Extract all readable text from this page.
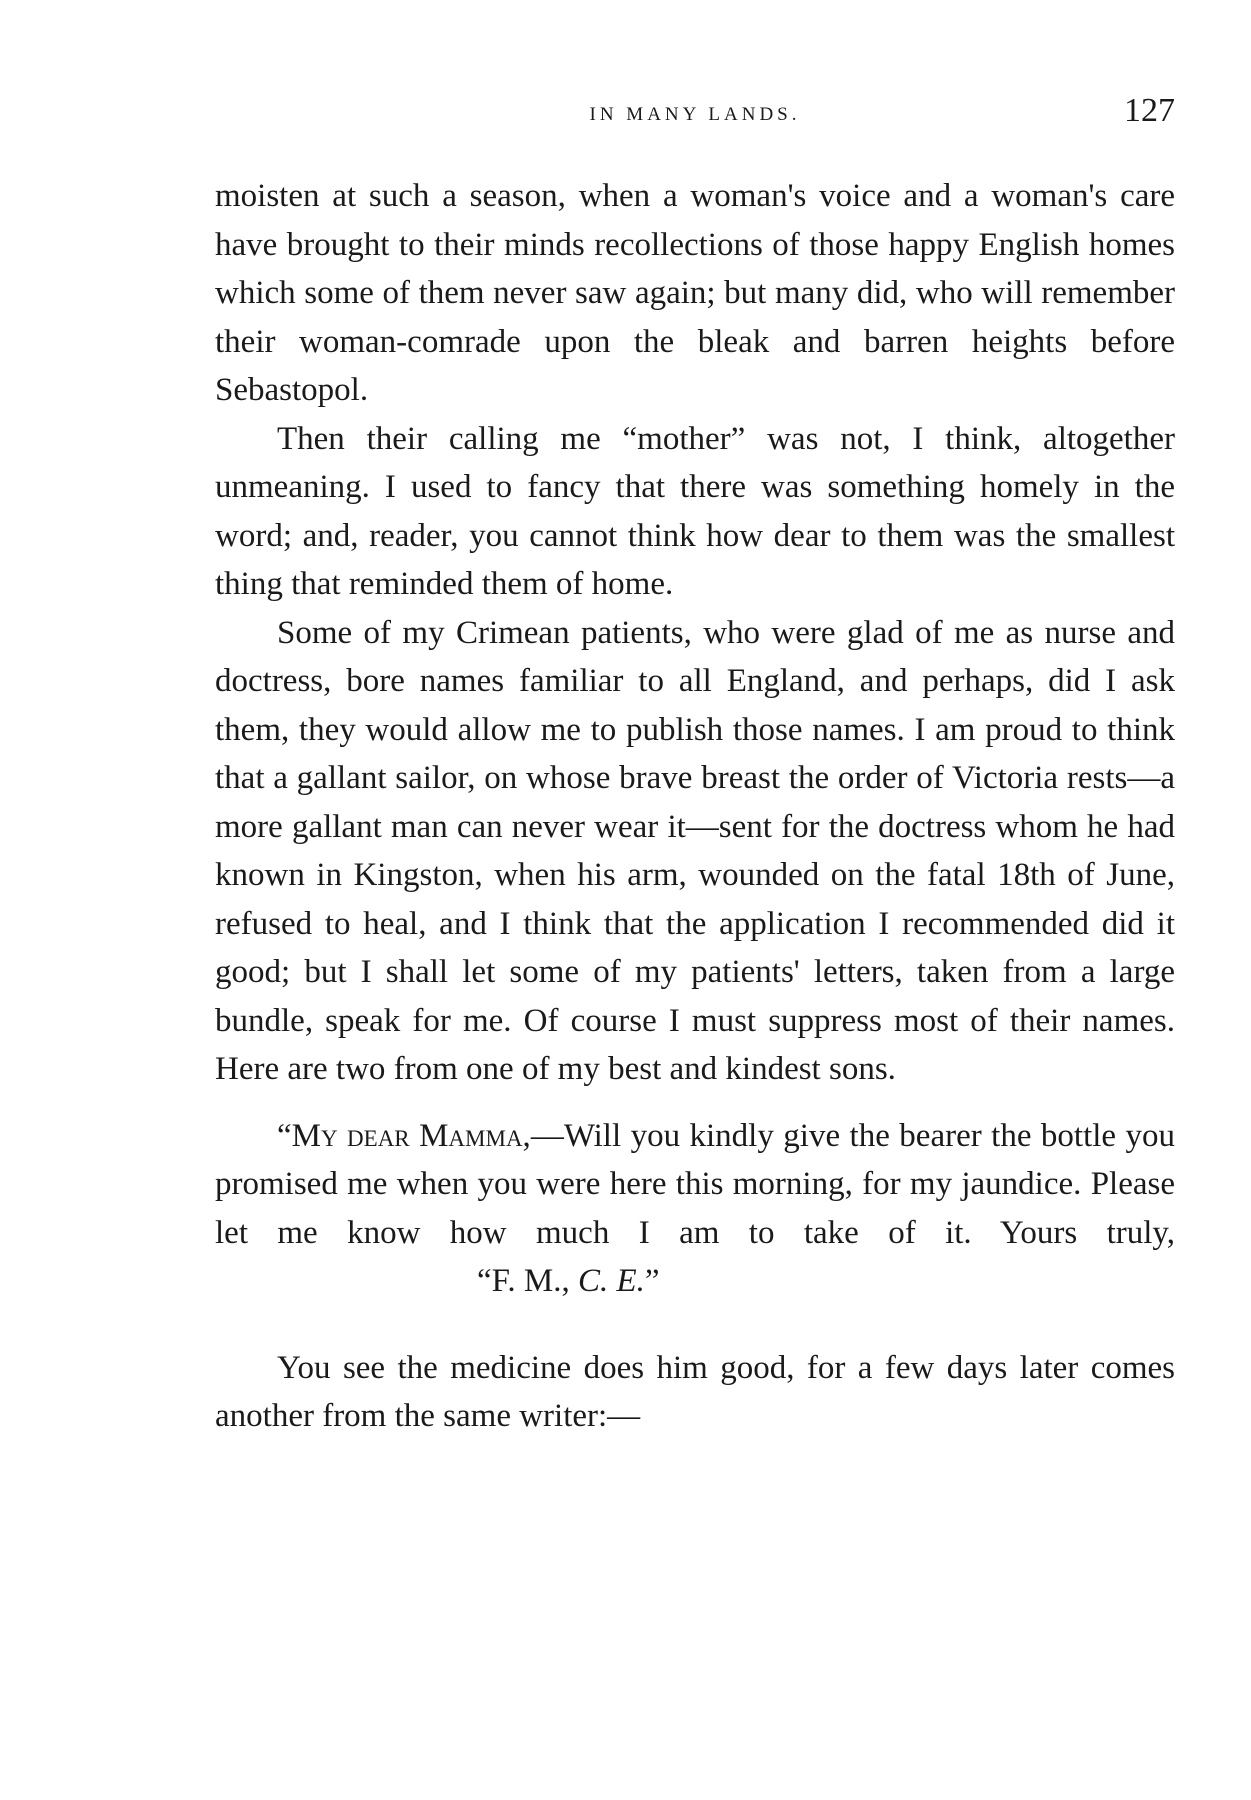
IN MANY LANDS.	127

moisten at such a season, when a woman's voice and a woman's care have brought to their minds recollections of those happy English homes which some of them never saw again; but many did, who will remember their woman-comrade upon the bleak and barren heights before Sebastopol.

Then their calling me “mother” was not, I think, altogether unmeaning. I used to fancy that there was something homely in the word; and, reader, you cannot think how dear to them was the smallest thing that reminded them of home.

Some of my Crimean patients, who were glad of me as nurse and doctress, bore names familiar to all England, and perhaps, did I ask them, they would allow me to publish those names. I am proud to think that a gallant sailor, on whose brave breast the order of Victoria rests—a more gallant man can never wear it—sent for the doctress whom he had known in Kingston, when his arm, wounded on the fatal 18th of June, refused to heal, and I think that the application I recommended did it good; but I shall let some of my patients' letters, taken from a large bundle, speak for me. Of course I must suppress most of their names. Here are two from one of my best and kindest sons.

“My dear Mamma,—Will you kindly give the bearer the bottle you promised me when you were here this morning, for my jaundice. Please let me know how much I am to take of it. Yours truly,“F. M., C. E.”

You see the medicine does him good, for a few days later comes another from the same writer:—
